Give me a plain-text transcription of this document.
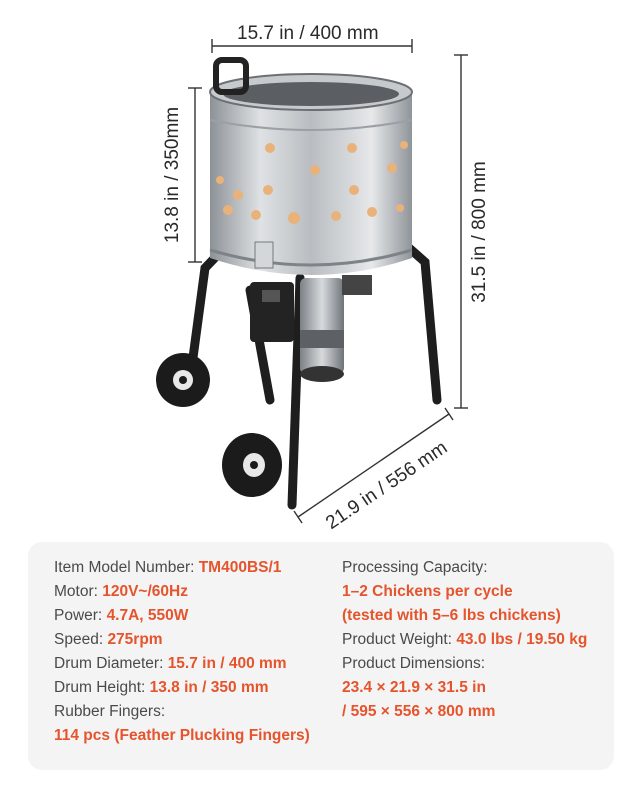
15.7 in / 400 mm
13.8 in / 350mm	31.5 in / 800 mm
21.9 in / 556 mm
Item Model Number: TM400BS/1
Motor: 120V~/60Hz
Power: 4.7A, 550W
Speed: 275rpm
Drum Diameter: 15.7 in / 400 mm
Drum Height: 13.8 in / 350 mm
Rubber Fingers:
114 pcs (Feather Plucking Fingers)
Processing Capacity:
1–2 Chickens per cycle
(tested with 5–6 lbs chickens)
Product Weight: 43.0 lbs / 19.50 kg
Product Dimensions:
23.4 × 21.9 × 31.5 in
/ 595 × 556 × 800 mm
